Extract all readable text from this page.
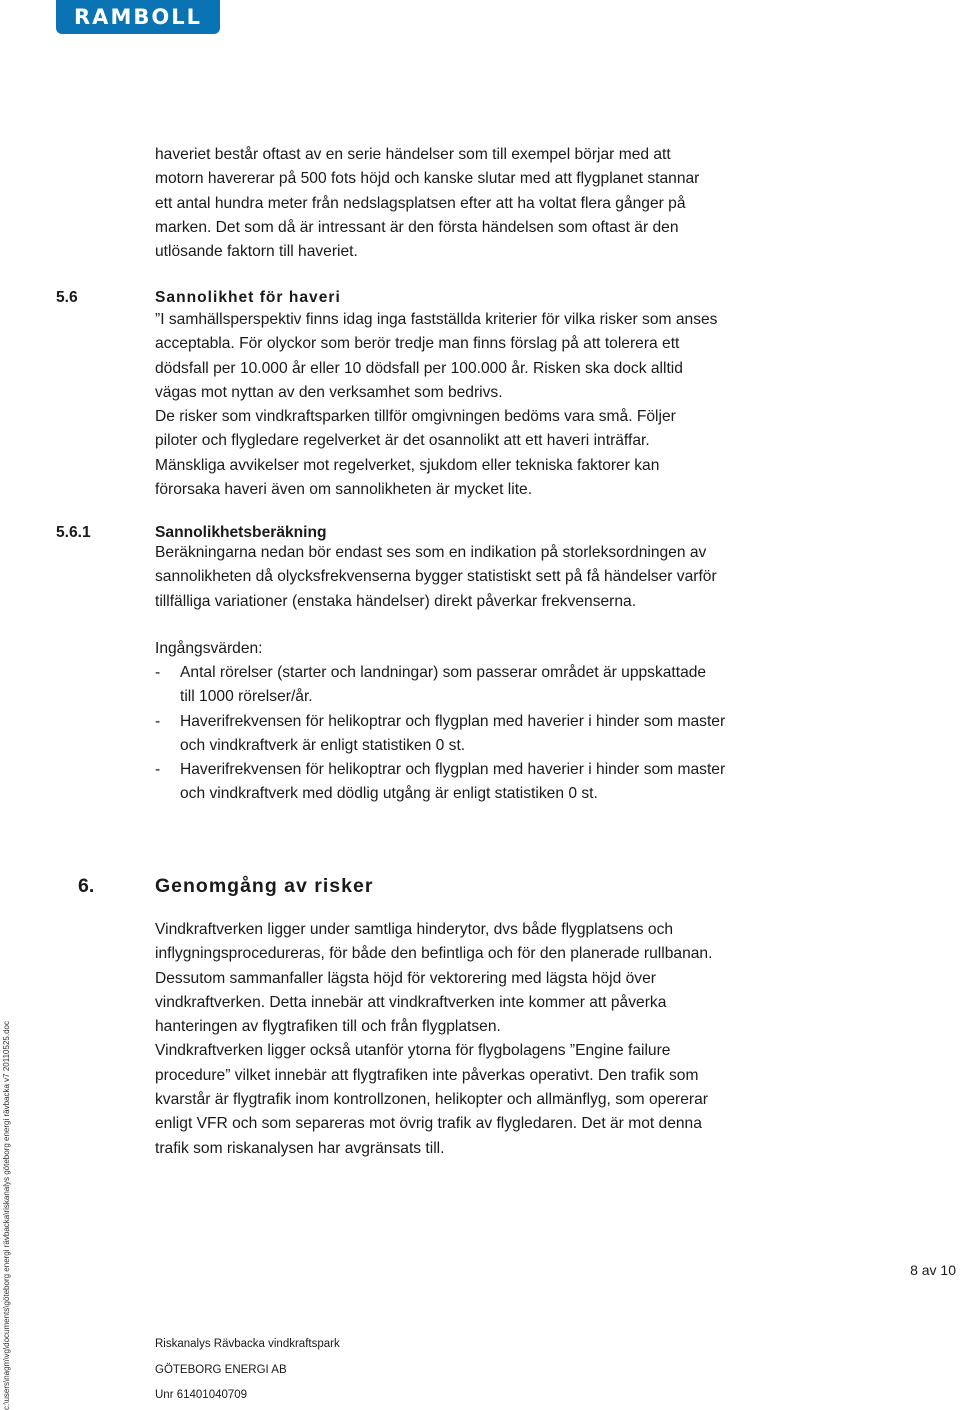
RAMBOLL

haveriet består oftast av en serie händelser som till exempel börjar med att

motorn havererar på 500 fots höjd och kanske slutar med att flygplanet stannar

ett antal hundra meter från nedslagsplatsen efter att ha voltat flera gånger på

marken. Det som då är intressant är den första händelsen som oftast är den

utlösande faktorn till haveriet.

5.6	Sannolikhet för haveri

”I samhällsperspektiv finns idag inga fastställda kriterier för vilka risker som anses

acceptabla. För olyckor som berör tredje man finns förslag på att tolerera ett

dödsfall per 10.000 år eller 10 dödsfall per 100.000 år. Risken ska dock alltid

vägas mot nyttan av den verksamhet som bedrivs.

De risker som vindkraftsparken tillför omgivningen bedöms vara små. Följer

piloter och flygledare regelverket är det osannolikt att ett haveri inträffar.

Mänskliga avvikelser mot regelverket, sjukdom eller tekniska faktorer kan

förorsaka haveri även om sannolikheten är mycket lite.

5.6.1	Sannolikhetsberäkning

Beräkningarna nedan bör endast ses som en indikation på storleksordningen av

sannolikheten då olycksfrekvenserna bygger statistiskt sett på få händelser varför

tillfälliga variationer (enstaka händelser) direkt påverkar frekvenserna.

Ingångsvärden:

- Antal rörelser (starter och landningar) som passerar området är uppskattade
till 1000 rörelser/år.
- Haverifrekvensen för helikoptrar och flygplan med haverier i hinder som master
och vindkraftverk är enligt statistiken 0 st.
- Haverifrekvensen för helikoptrar och flygplan med haverier i hinder som master
och vindkraftverk med dödlig utgång är enligt statistiken 0 st.
6.	Genomgång av risker

Vindkraftverken ligger under samtliga hinderytor, dvs både flygplatsens och

inflygningsprocedureras, för både den befintliga och för den planerade rullbanan.

Dessutom sammanfaller lägsta höjd för vektorering med lägsta höjd över

vindkraftverken. Detta innebär att vindkraftverken inte kommer att påverka

hanteringen av flygtrafiken till och från flygplatsen.

Vindkraftverken ligger också utanför ytorna för flygbolagens ”Engine failure

procedure” vilket innebär att flygtrafiken inte påverkas operativt. Den trafik som

kvarstår är flygtrafik inom kontrollzonen, helikopter och allmänflyg, som opererar

enligt VFR och som separeras mot övrig trafik av flygledaren. Det är mot denna

trafik som riskanalysen har avgränsats till.

8 av 10
Riskanalys Rävbacka vindkraftspark
GÖTEBORG ENERGI AB
Unr 61401040709
c:\users\nagm\vg\documents\göteborg energi rävbacka\riskanalys göteborg energi rävbacka v7 20110525.doc
